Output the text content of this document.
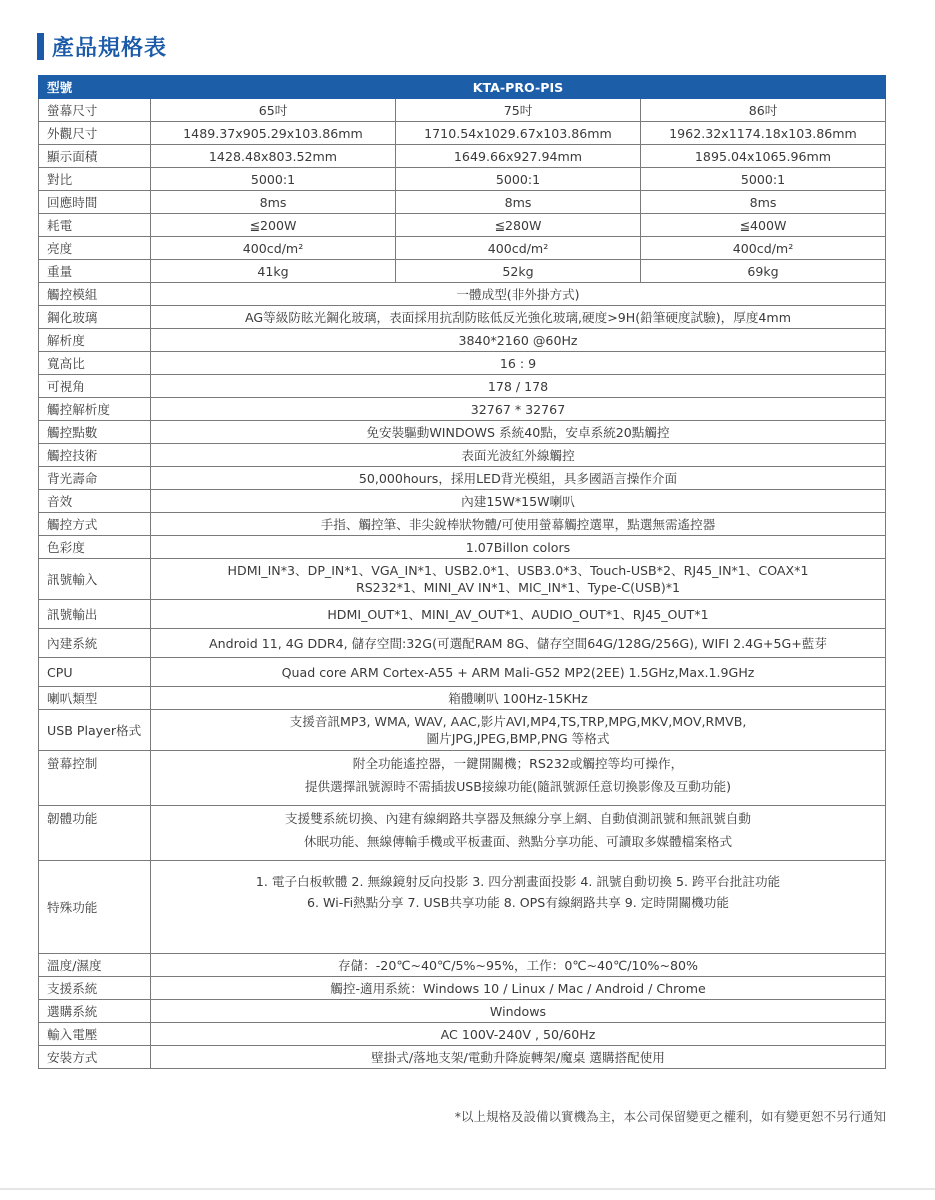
產品規格表
型號	KTA-PRO-PIS		
螢幕尺寸	65吋	75吋	86吋
外觀尺寸	1489.37x905.29x103.86mm	1710.54x1029.67x103.86mm	1962.32x1174.18x103.86mm
顯示面積	1428.48x803.52mm	1649.66x927.94mm	1895.04x1065.96mm
對比	5000:1	5000:1	5000:1
回應時間	8ms	8ms	8ms
耗電	≦200W	≦280W	≦400W
亮度	400cd/m²	400cd/m²	400cd/m²
重量	41kg	52kg	69kg
觸控模組	一體成型(非外掛方式)		

鋼化玻璃	AG等級防眩光鋼化玻璃，表面採用抗刮防眩低反光強化玻璃,硬度>9H(鉛筆硬度試驗)，厚度4mm		

解析度	3840*2160 @60Hz		

寬高比	16 : 9		

可視角	178 / 178		

觸控解析度	32767 * 32767		

觸控點數	免安裝驅動WINDOWS 系統40點，安卓系統20點觸控		

觸控技術	表面光波紅外線觸控		

背光壽命	50,000hours，採用LED背光模組，具多國語言操作介面		

音效	內建15W*15W喇叭		

觸控方式	手指、觸控筆、非尖銳棒狀物體/可使用螢幕觸控選單，點選無需遙控器		

色彩度	1.07Billon colors		

訊號輸入	HDMI_IN*3、DP_IN*1、VGA_IN*1、USB2.0*1、USB3.0*3、Touch-USB*2、RJ45_IN*1、COAX*1
RS232*1、MINI_AV IN*1、MIC_IN*1、Type-C(USB)*1		

訊號輸出	HDMI_OUT*1、MINI_AV_OUT*1、AUDIO_OUT*1、RJ45_OUT*1		

內建系統	Android 11, 4G DDR4, 儲存空間:32G(可選配RAM 8G、儲存空間64G/128G/256G), WIFI 2.4G+5G+藍芽		

CPU	Quad core ARM Cortex-A55 + ARM Mali-G52 MP2(2EE) 1.5GHz,Max.1.9GHz		

喇叭類型	箱體喇叭 100Hz-15KHz		

USB Player格式	支援音訊MP3, WMA, WAV, AAC,影片AVI,MP4,TS,TRP,MPG,MKV,MOV,RMVB,
圖片JPG,JPEG,BMP,PNG 等格式		

螢幕控制	附全功能遙控器，一鍵開關機；RS232或觸控等均可操作，
提供選擇訊號源時不需插拔USB接線功能(隨訊號源任意切換影像及互動功能)		

韌體功能	支援雙系統切換、內建有線網路共享器及無線分享上網、自動偵測訊號和無訊號自動
休眠功能、無線傳輸手機或平板畫面、熱點分享功能、可讀取多媒體檔案格式		

特殊功能	1. 電子白板軟體 2. 無線鏡射反向投影 3. 四分割畫面投影 4. 訊號自動切換 5. 跨平台批註功能
6. Wi-Fi熱點分享 7. USB共享功能 8. OPS有線網路共享 9. 定時開關機功能		

溫度/濕度	存儲：-20℃~40℃/5%~95%，工作：0℃~40℃/10%~80%		

支援系統	觸控-適用系統：Windows 10 / Linux / Mac / Android / Chrome		

選購系統	Windows		

輸入電壓	AC 100V-240V , 50/60Hz		

安裝方式	壁掛式/落地支架/電動升降旋轉架/魔桌 選購搭配使用		
*以上規格及設備以實機為主，本公司保留變更之權利，如有變更恕不另行通知
